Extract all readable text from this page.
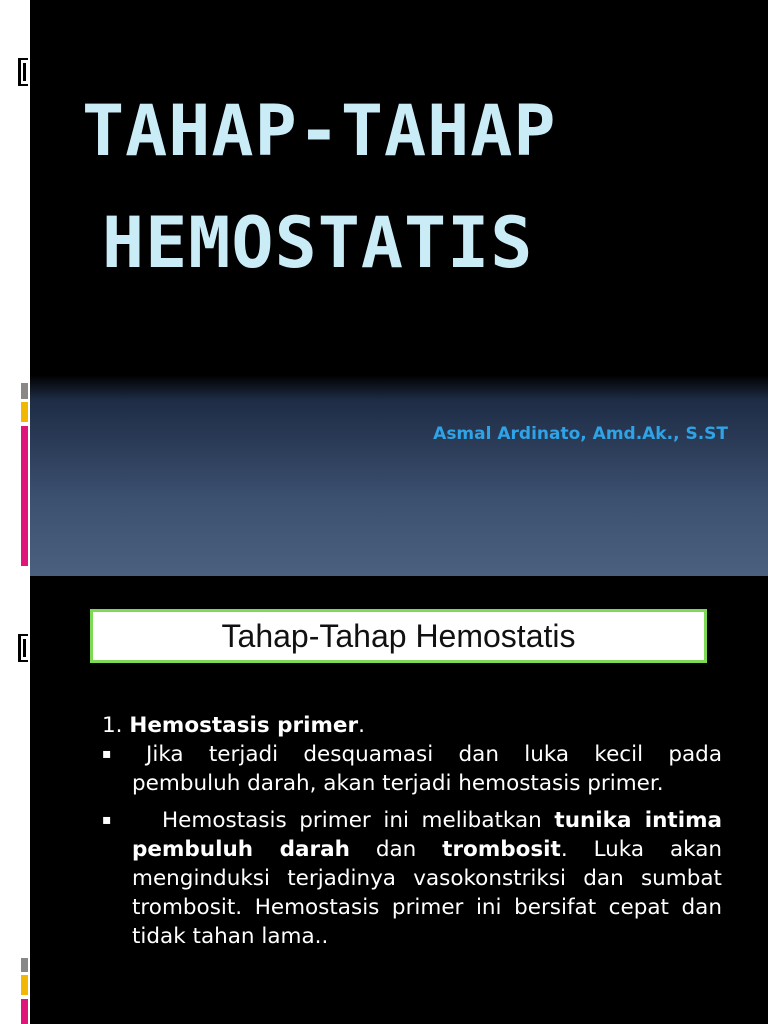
TAHAP-TAHAP
HEMOSTATIS
Asmal Ardinato, Amd.Ak., S.ST
Tahap-Tahap Hemostatis

1. Hemostasis primer.

▪ Jika terjadi desquamasi dan luka kecil pada pembuluh darah, akan terjadi hemostasis primer.

▪ Hemostasis primer ini melibatkan tunika intima pembuluh darah dan trombosit. Luka akan menginduksi terjadinya vasokonstriksi dan sumbat trombosit. Hemostasis primer ini bersifat cepat dan tidak tahan lama..
